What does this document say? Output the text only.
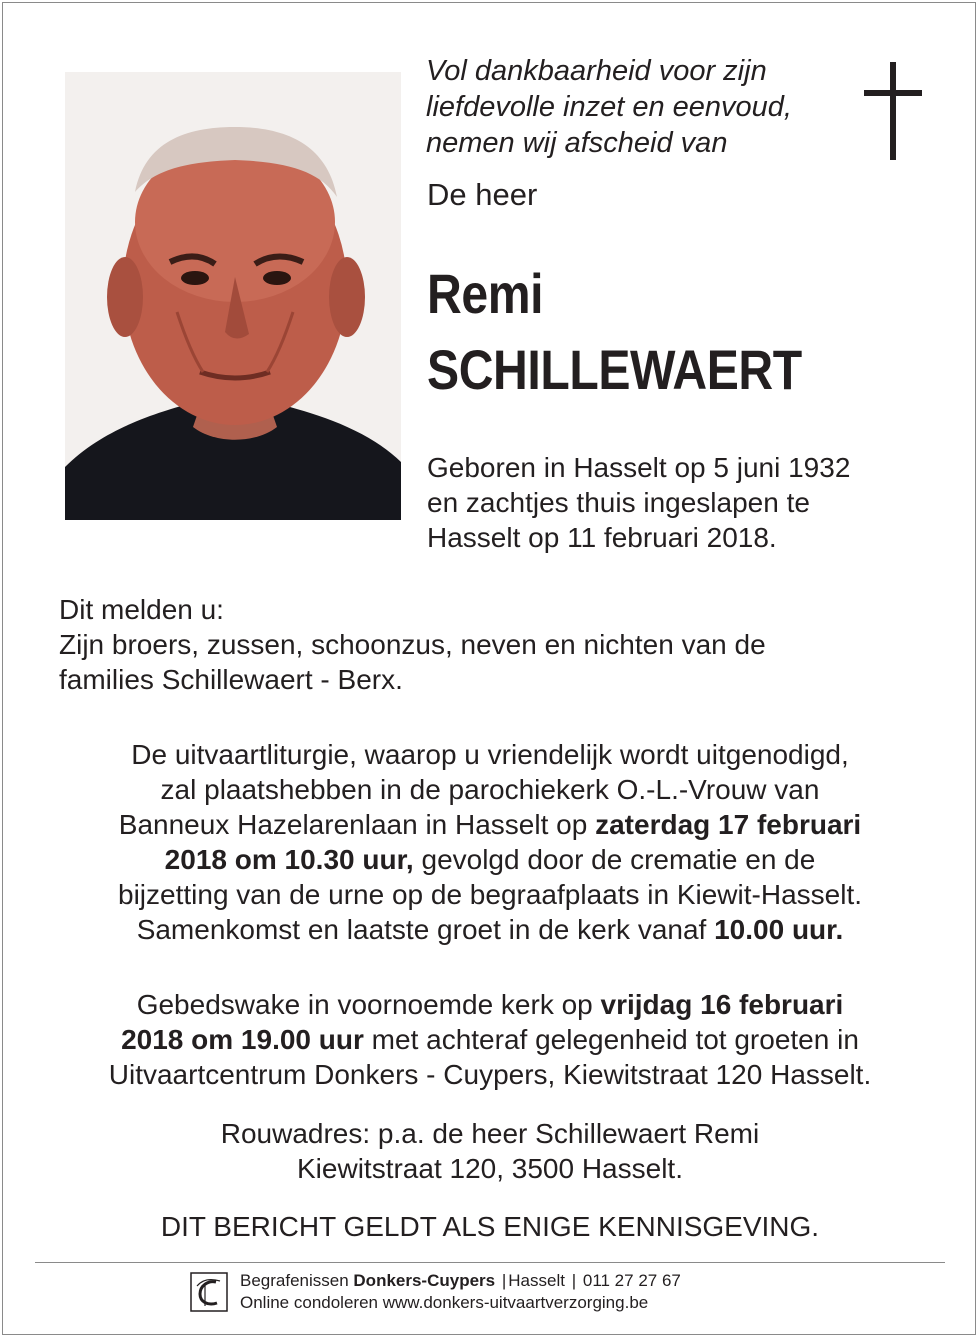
Vol dankbaarheid voor zijn
liefdevolle inzet en eenvoud,
nemen wij afscheid van
De heer
Remi
SCHILLEWAERT
Geboren in Hasselt op 5 juni 1932
en zachtjes thuis ingeslapen te
Hasselt op 11 februari 2018.
Dit melden u:
Zijn broers, zussen, schoonzus, neven en nichten van de
families Schillewaert - Berx.
De uitvaartliturgie, waarop u vriendelijk wordt uitgenodigd,
zal plaatshebben in de parochiekerk O.-L.-Vrouw van
Banneux Hazelarenlaan in Hasselt op zaterdag 17 februari
2018 om 10.30 uur, gevolgd door de crematie en de
bijzetting van de urne op de begraafplaats in Kiewit-Hasselt.
Samenkomst en laatste groet in de kerk vanaf 10.00 uur.
Gebedswake in voornoemde kerk op vrijdag 16 februari
2018 om 19.00 uur met achteraf gelegenheid tot groeten in
Uitvaartcentrum Donkers - Cuypers, Kiewitstraat 120 Hasselt.
Rouwadres: p.a. de heer Schillewaert Remi
Kiewitstraat 120, 3500 Hasselt.
DIT BERICHT GELDT ALS ENIGE KENNISGEVING.
Begrafenissen Donkers-Cuypers | Hasselt | 011 27 27 67
Online condoleren www.donkers-uitvaartverzorging.be
